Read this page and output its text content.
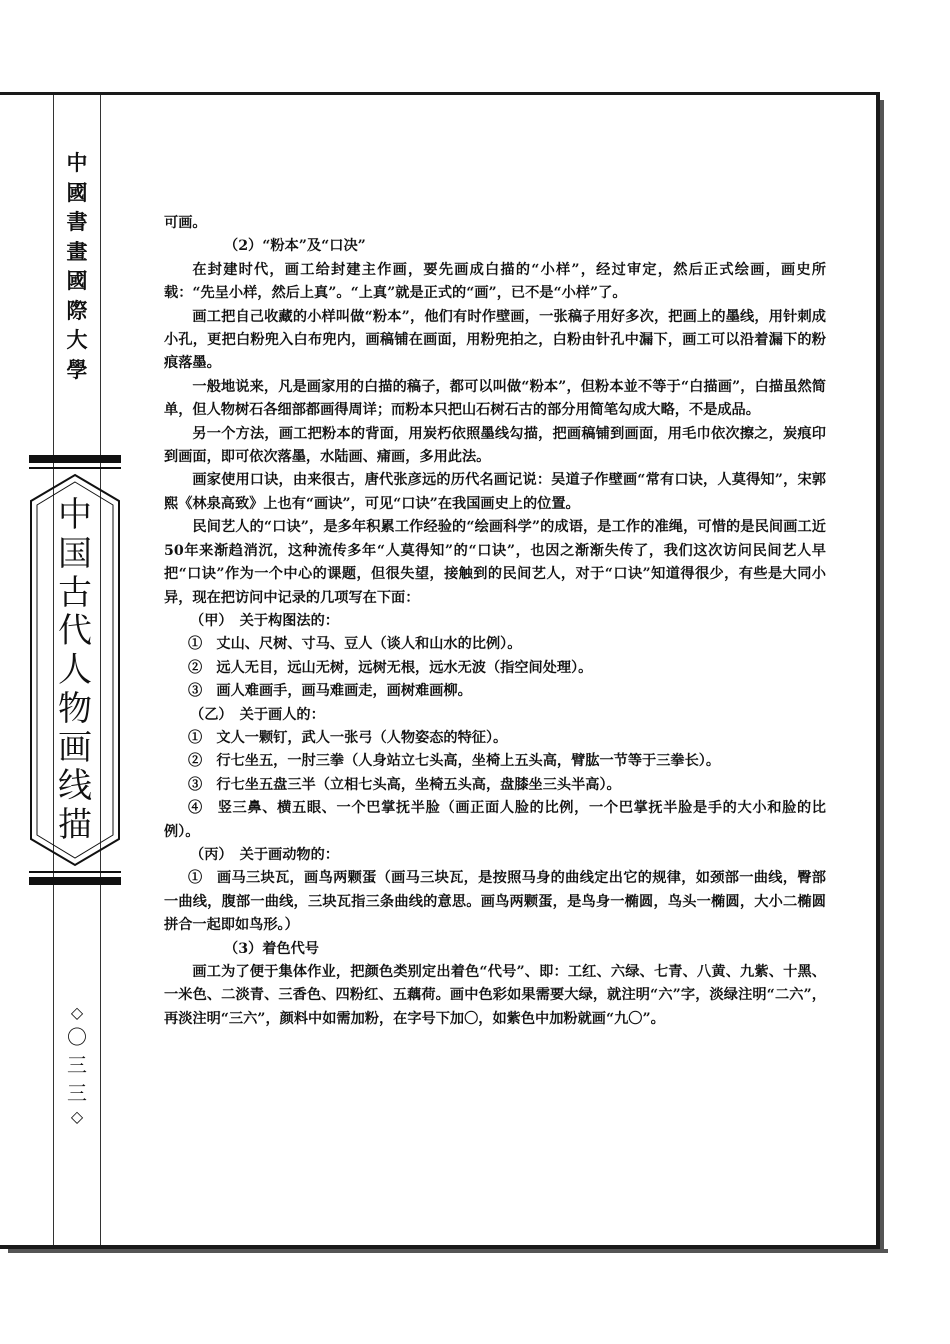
中
國
書
畫
國
際
大
學
中
国
古
代
人
物
画
线
描
◇
〇
三
三
◇

可画。

（2）“粉本”及“口决”

在封建时代，画工给封建主作画，要先画成白描的“小样”，经过审定，然后正式绘画，画史所载：“先呈小样，然后上真”。“上真”就是正式的“画”，已不是“小样”了。

画工把自己收藏的小样叫做“粉本”，他们有时作壁画，一张稿子用好多次，把画上的墨线，用针刺成小孔，更把白粉兜入白布兜内，画稿铺在画面，用粉兜拍之，白粉由针孔中漏下，画工可以沿着漏下的粉痕落墨。

一般地说来，凡是画家用的白描的稿子，都可以叫做“粉本”，但粉本並不等于“白描画”，白描虽然简单，但人物树石各细部都画得周详；而粉本只把山石树石古的部分用简笔勾成大略，不是成品。

另一个方法，画工把粉本的背面，用炭朽依照墨线勾描，把画稿铺到画面，用毛巾依次擦之，炭痕印到画面，即可依次落墨，水陆画、痡画，多用此法。

画家使用口诀，由来很古，唐代张彦远的历代名画记说：吴道子作壁画“常有口诀，人莫得知”，宋郭熙《林泉高致》上也有“画诀”，可见“口诀”在我国画史上的位置。

民间艺人的“口诀”，是多年积累工作经验的“绘画科学”的成语，是工作的准绳，可惜的是民间画工近50年来渐趋消沉，这种流传多年“人莫得知”的“口诀”，也因之渐渐失传了，我们这次访问民间艺人早把“口诀”作为一个中心的课题，但很失望，接触到的民间艺人，对于“口诀”知道得很少，有些是大同小异，现在把访问中记录的几项写在下面：

（甲）　关于构图法的：

①　丈山、尺树、寸马、豆人（谈人和山水的比例）。

②　远人无目，远山无树，远树无根，远水无波（指空间处理）。

③　画人难画手，画马难画走，画树难画柳。

（乙）　关于画人的：

①　文人一颗钉，武人一张弓（人物姿态的特征）。

②　行七坐五，一肘三拳（人身站立七头高，坐椅上五头高，臂肱一节等于三拳长）。

③　行七坐五盘三半（立相七头高，坐椅五头高，盘膝坐三头半高）。

④　竖三鼻、横五眼、一个巴掌抚半脸（画正面人脸的比例，一个巴掌抚半脸是手的大小和脸的比例）。

（丙）　关于画动物的：

①　画马三块瓦，画鸟两颗蛋（画马三块瓦，是按照马身的曲线定出它的规律，如颈部一曲线，臀部一曲线，腹部一曲线，三块瓦指三条曲线的意思。画鸟两颗蛋，是鸟身一椭圆，鸟头一椭圆，大小二椭圆拼合一起即如鸟形。）

（3）着色代号

画工为了便于集体作业，把颜色类别定出着色“代号”、即：工红、六绿、七青、八黄、九紫、十黑、一米色、二淡青、三香色、四粉红、五藕荷。画中色彩如果需要大绿，就注明“六”字，淡绿注明“二六”，再淡注明“三六”，颜料中如需加粉，在字号下加〇，如紫色中加粉就画“九〇”。
